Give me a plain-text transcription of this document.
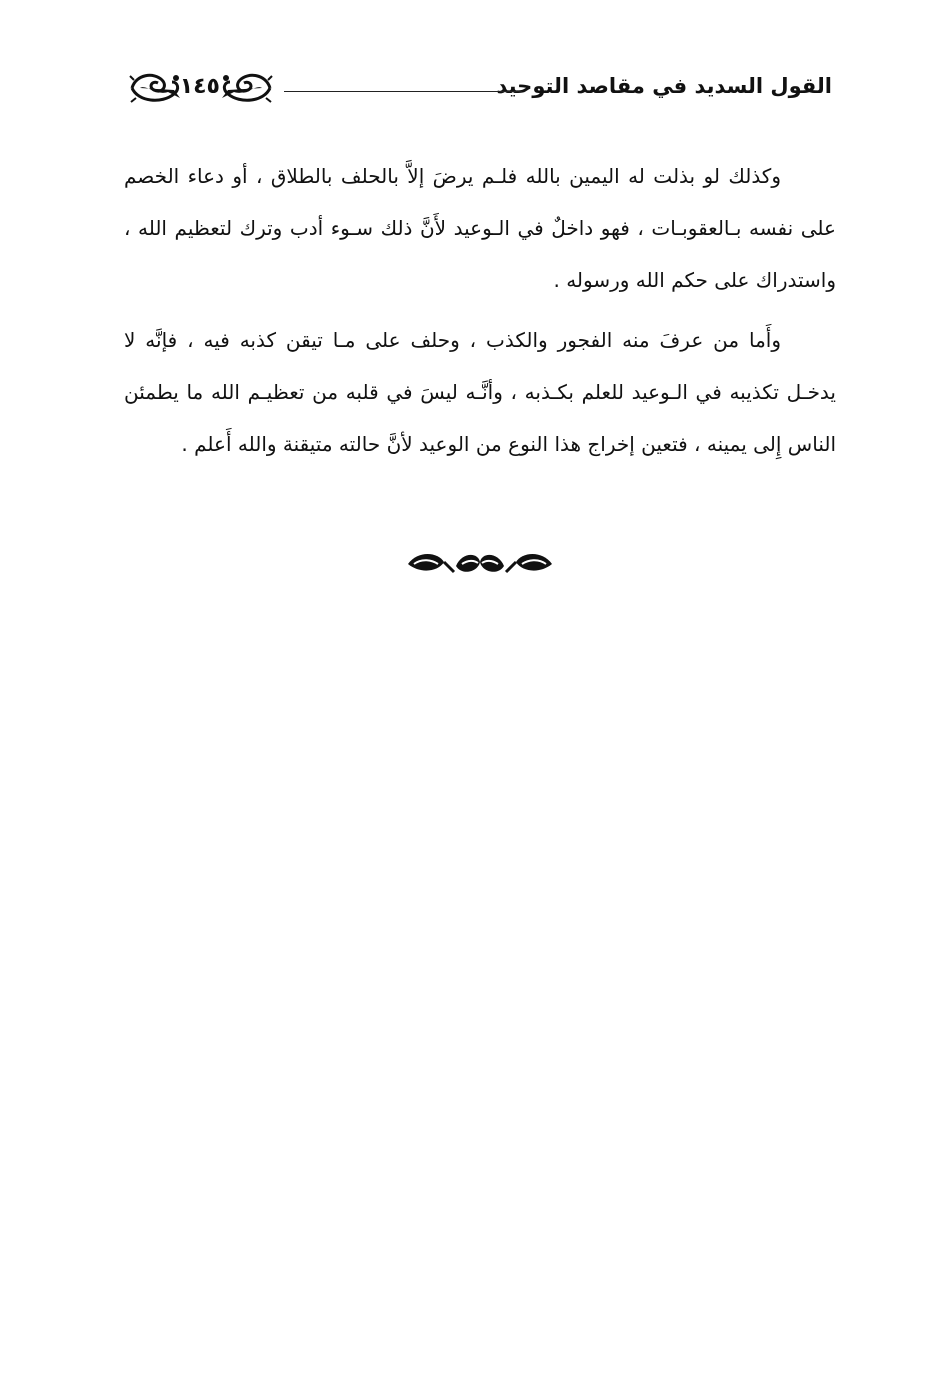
القول السديد في مقاصد التوحيد
١٤٥

وكذلك لو بذلت له اليمين بالله فلـم يرضَ إلاَّ بالحلف بالطلاق ، أو دعاء الخصم على نفسه بـالعقوبـات ، فهو داخلٌ في الـوعيد لأَنَّ ذلك سـوء أدب وترك لتعظيم الله ، واستدراك على حكم الله ورسوله .

وأَما من عرفَ منه الفجور والكذب ، وحلف على مـا تيقن كذبه فيه ، فإنَّه لا يدخـل تكذيبه في الـوعيد للعلم بكـذبه ، وأنَّـه ليسَ في قلبه من تعظيـم الله ما يطمئن الناس إِلى يمينه ، فتعين إخراج هذا النوع من الوعيد لأنَّ حالته متيقنة والله أَعلم .
